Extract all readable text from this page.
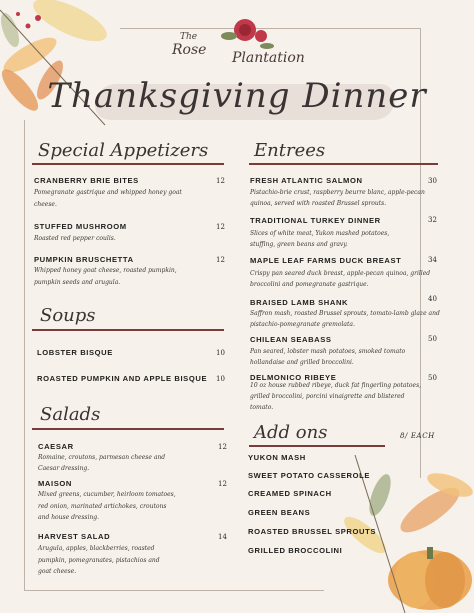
The
Rose Plantation
Thanksgiving Dinner
Special Appetizers
CRANBERRY BRIE BITES	12
Pomegranate gastrique and whipped honey goat
cheese.
STUFFED MUSHROOM	12
Roasted red pepper coulis.
PUMPKIN BRUSCHETTA	12
Whipped honey goat cheese, roasted pumpkin,
pumpkin seeds and arugula.
Soups
LOBSTER BISQUE	10
ROASTED PUMPKIN AND APPLE BISQUE 10
Salads
CAESAR	12
Romaine, croutons, parmesan cheese and
Caesar dressing.
MAISON	12
Mixed greens, cucumber, heirloom tomatoes,
red onion, marinated artichokes, croutons
and house dressing.
HARVEST SALAD	14
Arugula, apples, blackberries, roasted
pumpkin, pomegranates, pistachios and
goat cheese.
Entrees
FRESH ATLANTIC SALMON	30
Pistachio-brie crust, raspberry beurre blanc, apple-pecan
quinoa, served with roasted Brussel sprouts.
TRADITIONAL TURKEY DINNER	32
Slices of white meat, Yukon mashed potatoes,
stuffing, green beans and gravy.
MAPLE LEAF FARMS DUCK BREAST	34
Crispy pan seared duck breast, apple-pecan quinoa, grilled
broccolini and pomegranate gastrique.
BRAISED LAMB SHANK	40
Saffron mash, roasted Brussel sprouts, tomato-lamb glaze and
pistachio-pomegranate gremolata.
CHILEAN SEABASS	50
Pan seared, lobster mash potatoes, smoked tomato
hollandaise and grilled broccolini.
DELMONICO RIBEYE	50
10 oz house rubbed ribeye, duck fat fingerling potatoes,
grilled broccolini, porcini vinaigrette and blistered
tomato.
Add ons	8/ EACH
YUKON MASH
SWEET POTATO CASSEROLE
CREAMED SPINACH
GREEN BEANS
ROASTED BRUSSEL SPROUTS
GRILLED BROCCOLINI
